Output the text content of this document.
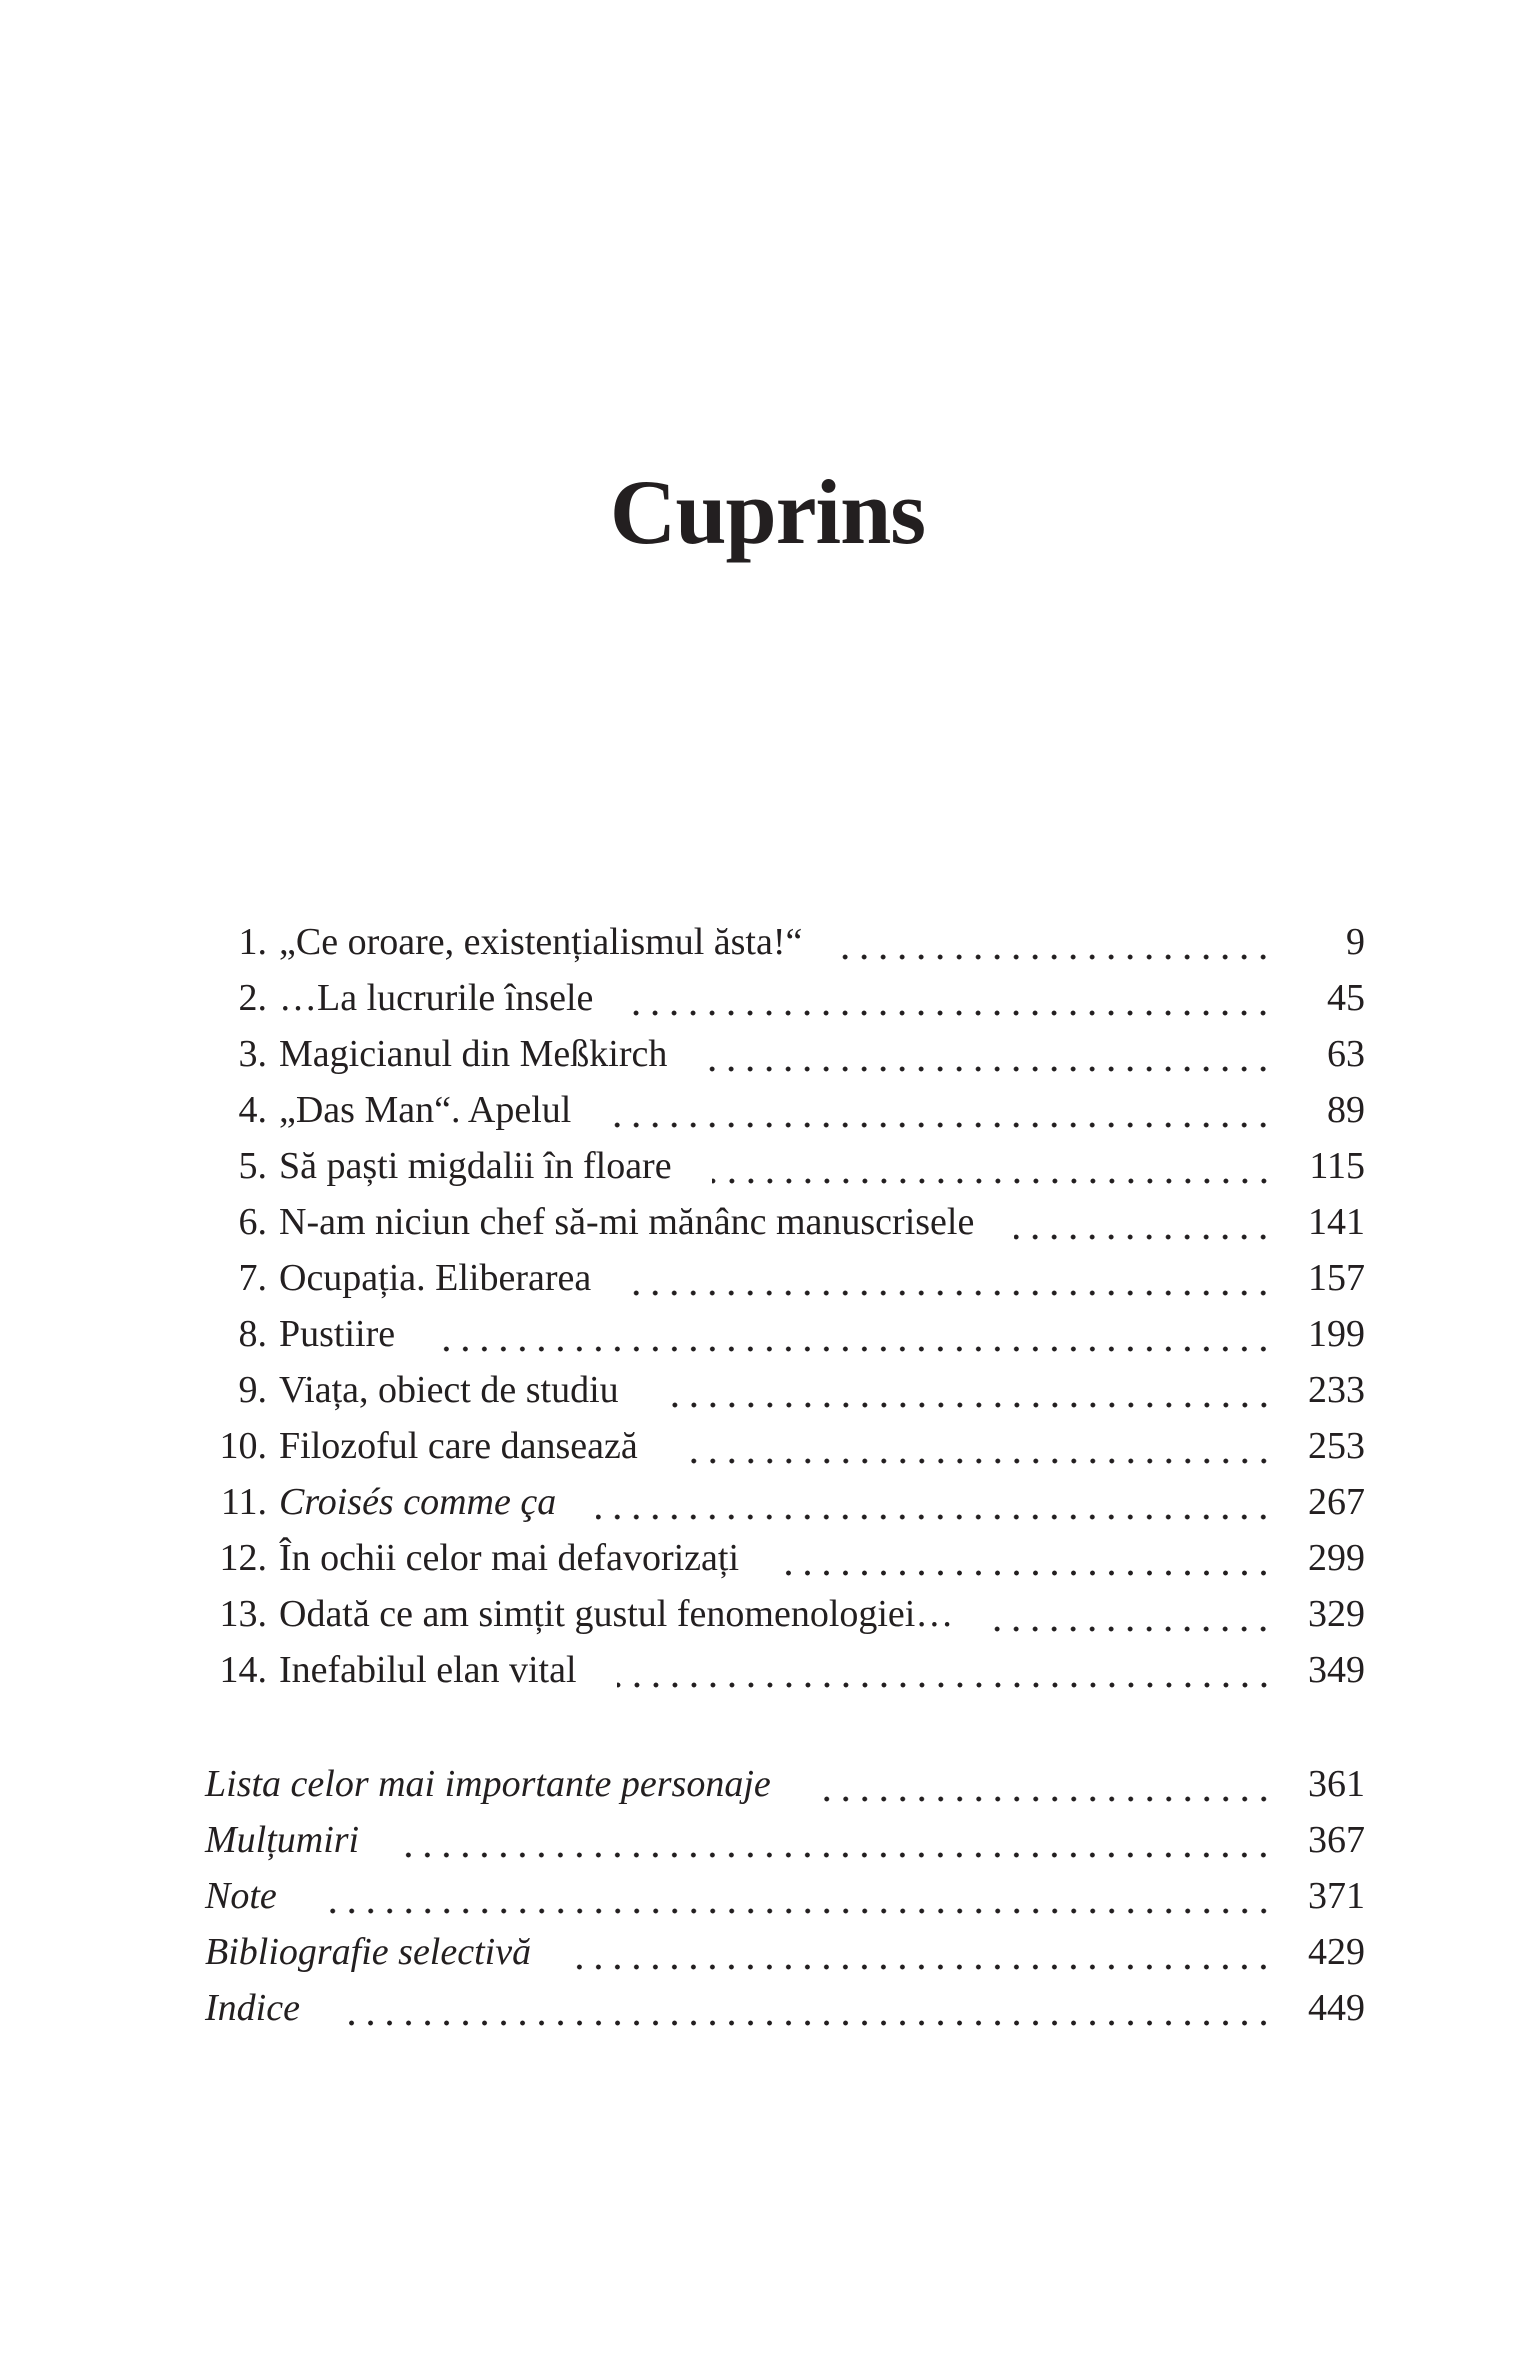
Cuprins
1. „Ce oroare, existențialismul ăsta!“	9
2. …La lucrurile însele	45
3. Magicianul din Meßkirch	63
4. „Das Man“. Apelul	89
5. Să paști migdalii în floare	115
6. N-am niciun chef să-mi mănânc manuscrisele	141
7. Ocupația. Eliberarea	157
8. Pustiire	199
9. Viața, obiect de studiu	233
10. Filozoful care dansează	253
11. Croisés comme ça	267
12. În ochii celor mai defavorizați	299
13. Odată ce am simțit gustul fenomenologiei…	329
14. Inefabilul elan vital	349
Lista celor mai importante personaje	361
Mulțumiri	367
Note	371
Bibliografie selectivă	429
Indice	449
